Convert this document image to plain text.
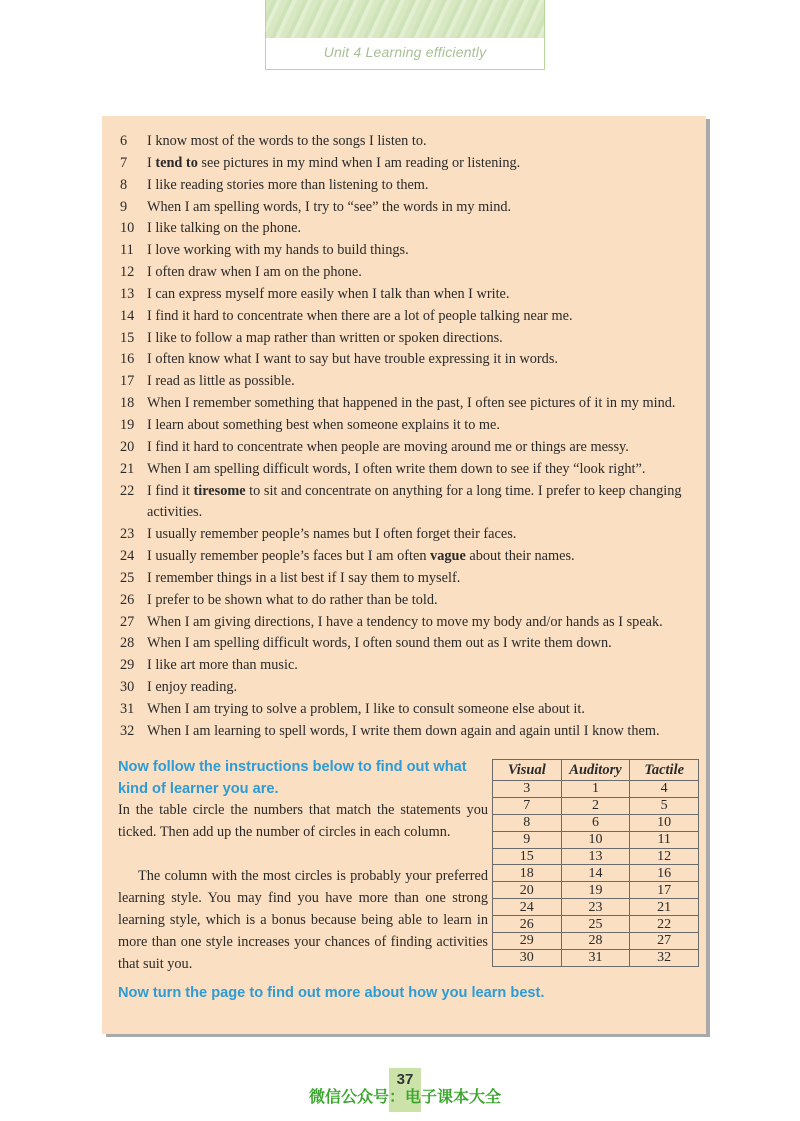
Unit 4 Learning efficiently
6	I know most of the words to the songs I listen to.
7	I tend to see pictures in my mind when I am reading or listening.
8	I like reading stories more than listening to them.
9	When I am spelling words, I try to “see” the words in my mind.
10 I like talking on the phone.
11 I love working with my hands to build things.
12 I often draw when I am on the phone.
13 I can express myself more easily when I talk than when I write.
14 I find it hard to concentrate when there are a lot of people talking near me.
15 I like to follow a map rather than written or spoken directions.
16 I often know what I want to say but have trouble expressing it in words.
17 I read as little as possible.
18 When I remember something that happened in the past, I often see pictures of it in my mind.
19 I learn about something best when someone explains it to me.
20 I find it hard to concentrate when people are moving around me or things are messy.
21 When I am spelling difficult words, I often write them down to see if they “look right”.
22 I find it tiresome to sit and concentrate on anything for a long time. I prefer to keep changing activities.
23 I usually remember people’s names but I often forget their faces.
24 I usually remember people’s faces but I am often vague about their names.
25 I remember things in a list best if I say them to myself.
26 I prefer to be shown what to do rather than be told.
27 When I am giving directions, I have a tendency to move my body and/or hands as I speak.
28 When I am spelling difficult words, I often sound them out as I write them down.
29 I like art more than music.
30 I enjoy reading.
31 When I am trying to solve a problem, I like to consult someone else about it.
32 When I am learning to spell words, I write them down again and again until I know them.
Now follow the instructions below to find out what kind of learner you are.

In the table circle the numbers that match the statements you ticked. Then add up the number of circles in each column.

The column with the most circles is probably your preferred learning style. You may find you have more than one strong learning style, which is a bonus because being able to learn in more than one style increases your chances of finding activities that suit you.

Visual	Auditory	Tactile
3	1	4
7	2	5
8	6	10
9	10	11
15	13	12
18	14	16
20	19	17
24	23	21
26	25	22
29	28	27
30	31	32
Now turn the page to find out more about how you learn best.
37
微信公众号：电子课本大全
